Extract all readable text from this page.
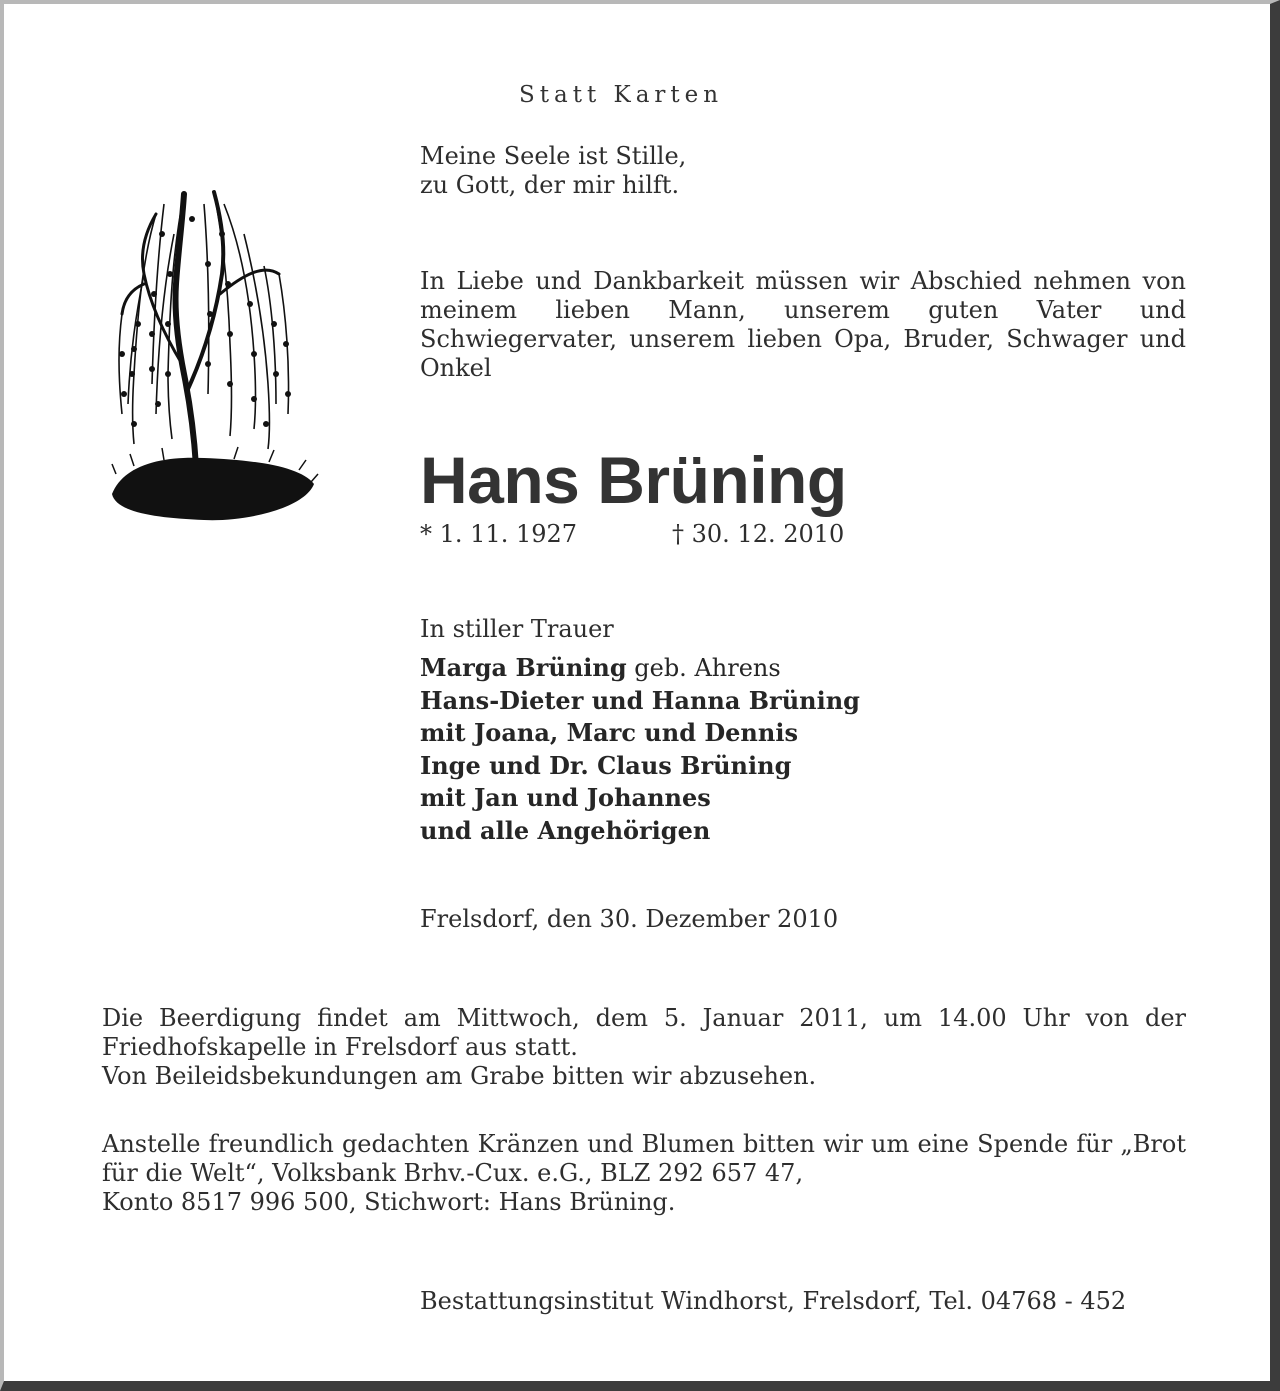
Statt Karten
Meine Seele ist Stille,
zu Gott, der mir hilft.
In Liebe und Dankbarkeit müssen wir Abschied nehmen von meinem lieben Mann, unserem guten Vater und Schwiegervater, unserem lieben Opa, Bruder, Schwager und Onkel
Hans Brüning
* 1. 11. 1927	† 30. 12. 2010
In stiller Trauer
Marga Brüning geb. Ahrens
Hans-Dieter und Hanna Brüning
mit Joana, Marc und Dennis
Inge und Dr. Claus Brüning
mit Jan und Johannes
und alle Angehörigen
Frelsdorf, den 30. Dezember 2010
Die Beerdigung findet am Mittwoch, dem 5. Januar 2011, um 14.00 Uhr von der Friedhofskapelle in Frelsdorf aus statt.
Von Beileidsbekundungen am Grabe bitten wir abzusehen.
Anstelle freundlich gedachten Kränzen und Blumen bitten wir um eine Spende für „Brot für die Welt“, Volksbank Brhv.-Cux. e.G., BLZ 292 657 47,
Konto 8517 996 500, Stichwort: Hans Brüning.
Bestattungsinstitut Windhorst, Frelsdorf, Tel. 04768 - 452
